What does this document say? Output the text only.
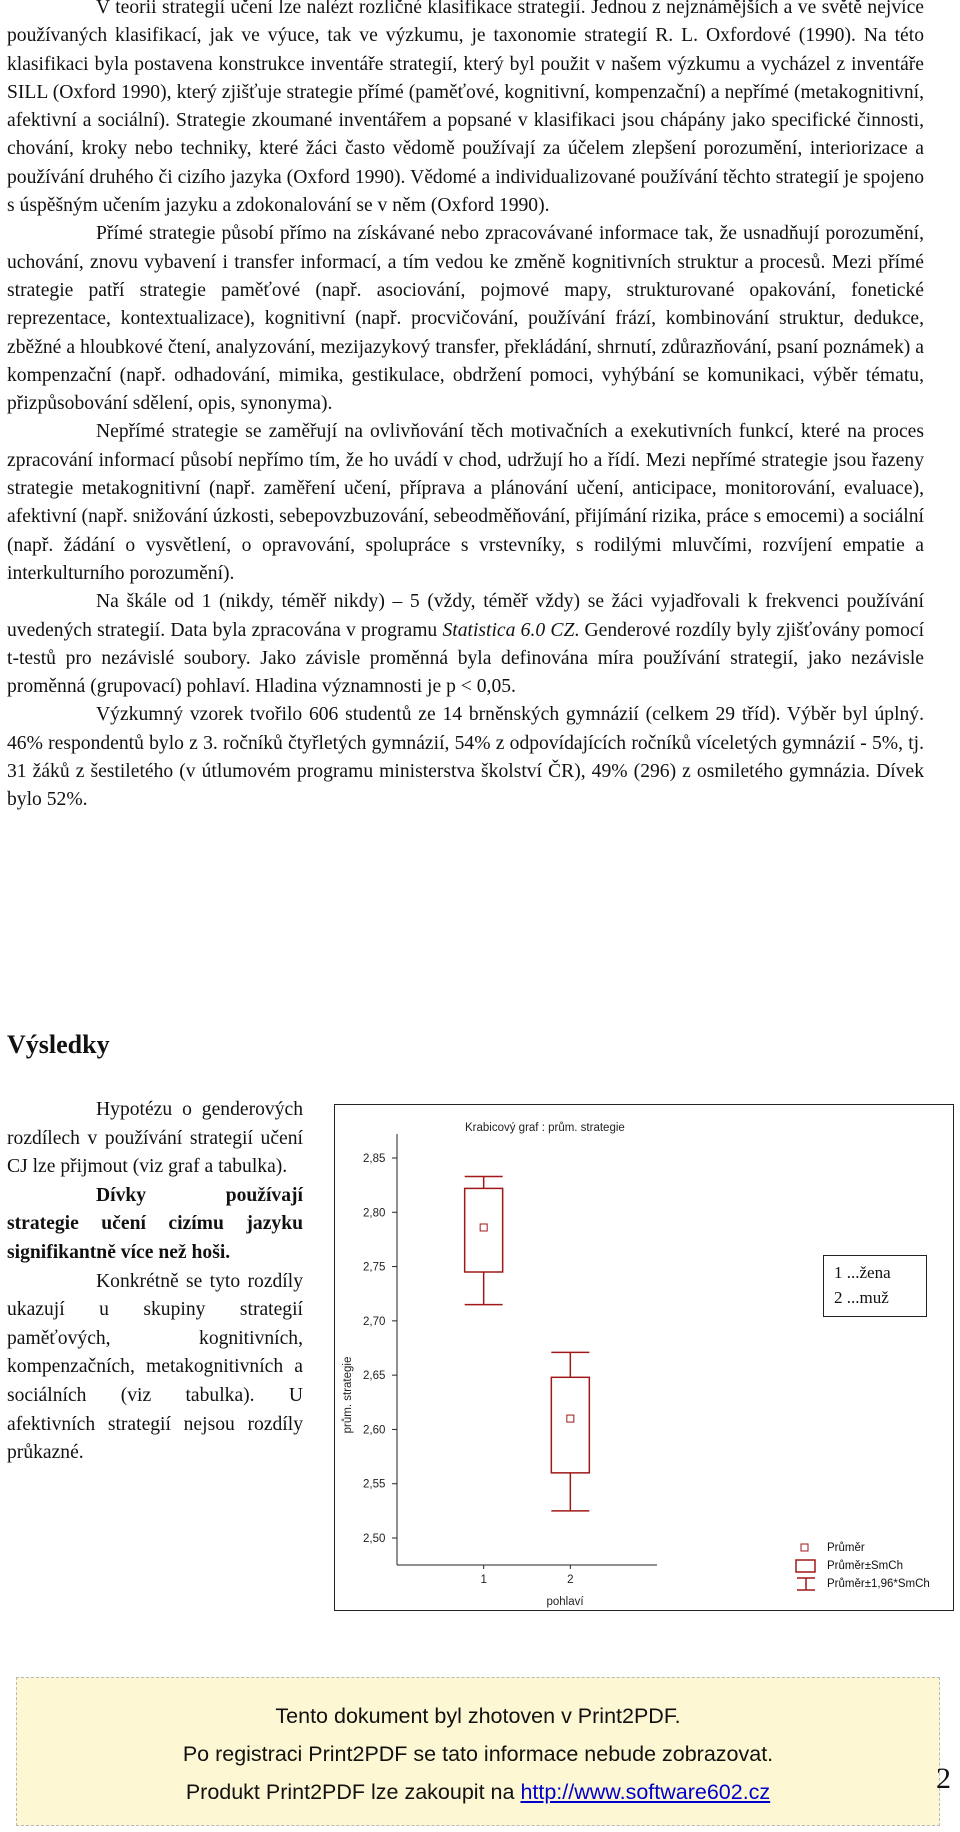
V teorii strategií učení lze nalézt rozličné klasifikace strategií. Jednou z nejznámějších a ve světě nejvíce používaných klasifikací, jak ve výuce, tak ve výzkumu, je taxonomie strategií R. L. Oxfordové (1990). Na této klasifikaci byla postavena konstrukce inventáře strategií, který byl použit v našem výzkumu a vycházel z inventáře SILL (Oxford 1990), který zjišťuje strategie přímé (paměťové, kognitivní, kompenzační) a nepřímé (metakognitivní, afektivní a sociální). Strategie zkoumané inventářem a popsané v klasifikaci jsou chápány jako specifické činnosti, chování, kroky nebo techniky, které žáci často vědomě používají za účelem zlepšení porozumění, interiorizace a používání druhého či cizího jazyka (Oxford 1990). Vědomé a individualizované používání těchto strategií je spojeno s úspěšným učením jazyku a zdokonalování se v něm (Oxford 1990).

Přímé strategie působí přímo na získávané nebo zpracovávané informace tak, že usnadňují porozumění, uchování, znovu vybavení i transfer informací, a tím vedou ke změně kognitivních struktur a procesů. Mezi přímé strategie patří strategie paměťové (např. asociování, pojmové mapy, strukturované opakování, fonetické reprezentace, kontextualizace), kognitivní (např. procvičování, používání frází, kombinování struktur, dedukce, zběžné a hloubkové čtení, analyzování, mezijazykový transfer, překládání, shrnutí, zdůrazňování, psaní poznámek) a kompenzační (např. odhadování, mimika, gestikulace, obdržení pomoci, vyhýbání se komunikaci, výběr tématu, přizpůsobování sdělení, opis, synonyma).

Nepřímé strategie se zaměřují na ovlivňování těch motivačních a exekutivních funkcí, které na proces zpracování informací působí nepřímo tím, že ho uvádí v chod, udržují ho a řídí. Mezi nepřímé strategie jsou řazeny strategie metakognitivní (např. zaměření učení, příprava a plánování učení, anticipace, monitorování, evaluace), afektivní (např. snižování úzkosti, sebepovzbuzování, sebeodměňování, přijímání rizika, práce s emocemi) a sociální (např. žádání o vysvětlení, o opravování, spolupráce s vrstevníky, s rodilými mluvčími, rozvíjení empatie a interkulturního porozumění).

Na škále od 1 (nikdy, téměř nikdy) – 5 (vždy, téměř vždy) se žáci vyjadřovali k frekvenci používání uvedených strategií. Data byla zpracována v programu Statistica 6.0 CZ. Genderové rozdíly byly zjišťovány pomocí t-testů pro nezávislé soubory. Jako závisle proměnná byla definována míra používání strategií, jako nezávisle proměnná (grupovací) pohlaví. Hladina významnosti je p < 0,05.

Výzkumný vzorek tvořilo 606 studentů ze 14 brněnských gymnázií (celkem 29 tříd). Výběr byl úplný. 46% respondentů bylo z 3. ročníků čtyřletých gymnázií, 54% z odpovídajících ročníků víceletých gymnázií - 5%, tj. 31 žáků z šestiletého (v útlumovém programu ministerstva školství ČR), 49% (296) z osmiletého gymnázia. Dívek bylo 52%.

Výsledky

Hypotézu o genderových rozdílech v používání strategií učení CJ lze přijmout (viz graf a tabulka).

Dívky používají strategie učení cizímu jazyku signifikantně více než hoši.

Konkrétně se tyto rozdíly ukazují u skupiny strategií paměťových, kognitivních, kompenzačních, metakognitivních a sociálních (viz tabulka). U afektivních strategií nejsou rozdíly průkazné.

Krabicový graf : prům. strategie
prům. strategie
pohlaví
2,85
2,80
2,75
2,70
2,65
2,60
2,55
2,50
1	2
1 ...žena
2 ...muž
Průměr
Průměr±SmCh
Průměr±1,96*SmCh
Tento dokument byl zhotoven v Print2PDF.
Po registraci Print2PDF se tato informace nebude zobrazovat.
Produkt Print2PDF lze zakoupit na http://www.software602.cz	2
